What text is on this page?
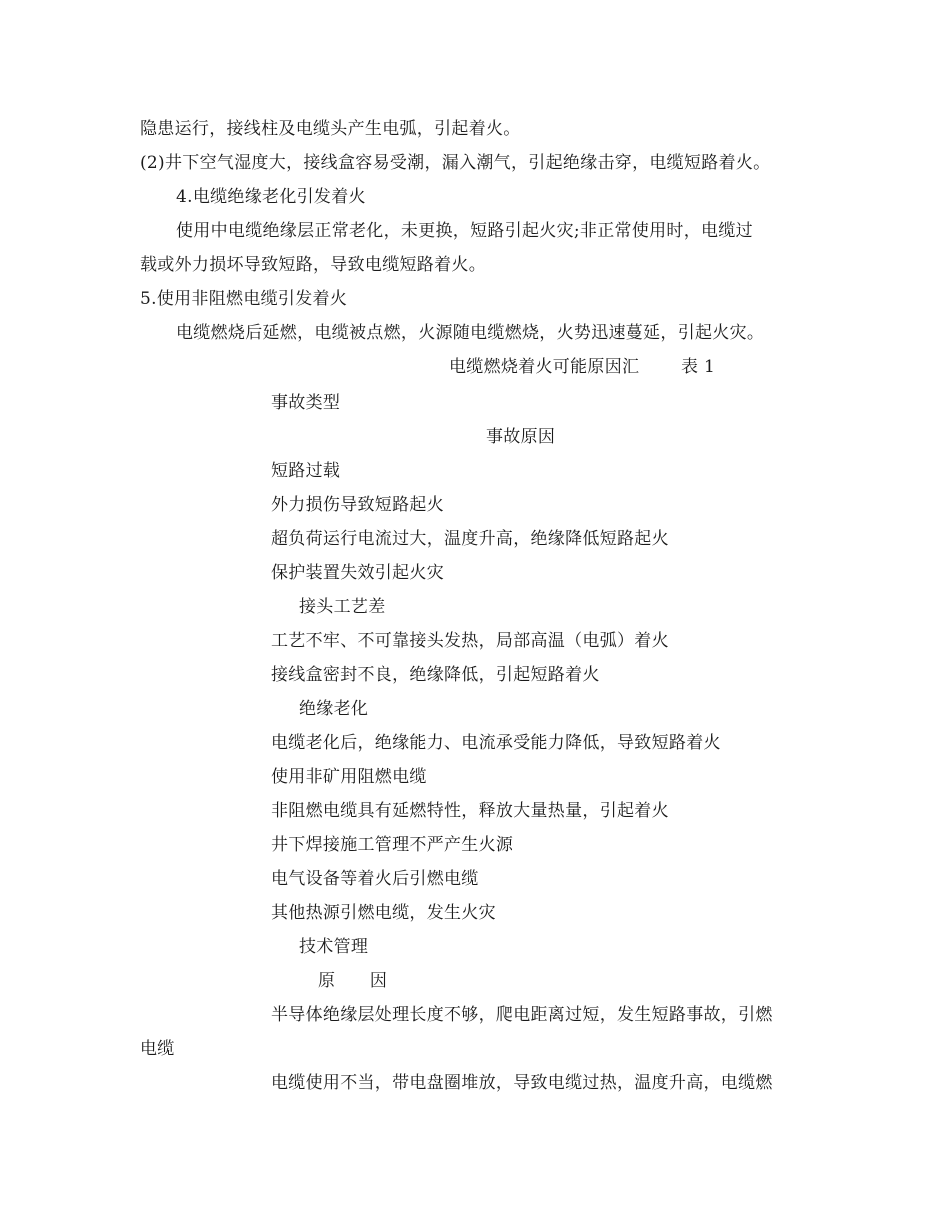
隐患运行，接线柱及电缆头产生电弧，引起着火。
(2)井下空气湿度大，接线盒容易受潮，漏入潮气，引起绝缘击穿，电缆短路着火。
4.电缆绝缘老化引发着火
使用中电缆绝缘层正常老化，未更换，短路引起火灾;非正常使用时，电缆过
载或外力损坏导致短路，导致电缆短路着火。
5.使用非阻燃电缆引发着火
电缆燃烧后延燃，电缆被点燃，火源随电缆燃烧，火势迅速蔓延，引起火灾。
电缆燃烧着火可能原因汇 表 1
事故类型
事故原因
短路过载
外力损伤导致短路起火
超负荷运行电流过大，温度升高，绝缘降低短路起火
保护装置失效引起火灾
接头工艺差
工艺不牢、不可靠接头发热，局部高温（电弧）着火
接线盒密封不良，绝缘降低，引起短路着火
绝缘老化
电缆老化后，绝缘能力、电流承受能力降低，导致短路着火
使用非矿用阻燃电缆
非阻燃电缆具有延燃特性，释放大量热量，引起着火
井下焊接施工管理不严产生火源
电气设备等着火后引燃电缆
其他热源引燃电缆，发生火灾
技术管理
原　　因
半导体绝缘层处理长度不够，爬电距离过短，发生短路事故，引燃
电缆
电缆使用不当，带电盘圈堆放，导致电缆过热，温度升高，电缆燃
